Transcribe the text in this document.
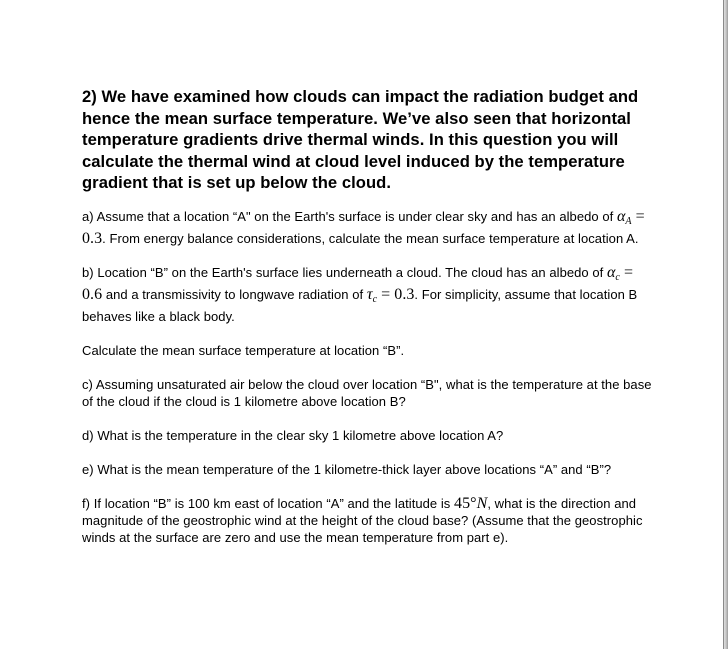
2) We have examined how clouds can impact the radiation budget and hence the mean surface temperature. We’ve also seen that horizontal temperature gradients drive thermal winds. In this question you will calculate the thermal wind at cloud level induced by the temperature gradient that is set up below the cloud.

a) Assume that a location “A" on the Earth's surface is under clear sky and has an albedo of $\alpha_A = 0.3$. From energy balance considerations, calculate the mean surface temperature at location A.

b) Location “B” on the Earth's surface lies underneath a cloud. The cloud has an albedo of $\alpha_c = 0.6$ and a transmissivity to longwave radiation of $\tau_c = 0.3$. For simplicity, assume that location B behaves like a black body.

Calculate the mean surface temperature at location “B”.

c) Assuming unsaturated air below the cloud over location “B", what is the temperature at the base of the cloud if the cloud is 1 kilometre above location B?

d) What is the temperature in the clear sky 1 kilometre above location A?

e) What is the mean temperature of the 1 kilometre-thick layer above locations “A” and “B”?

f) If location “B” is 100 km east of location “A” and the latitude is 45°N, what is the direction and magnitude of the geostrophic wind at the height of the cloud base? (Assume that the geostrophic winds at the surface are zero and use the mean temperature from part e).
